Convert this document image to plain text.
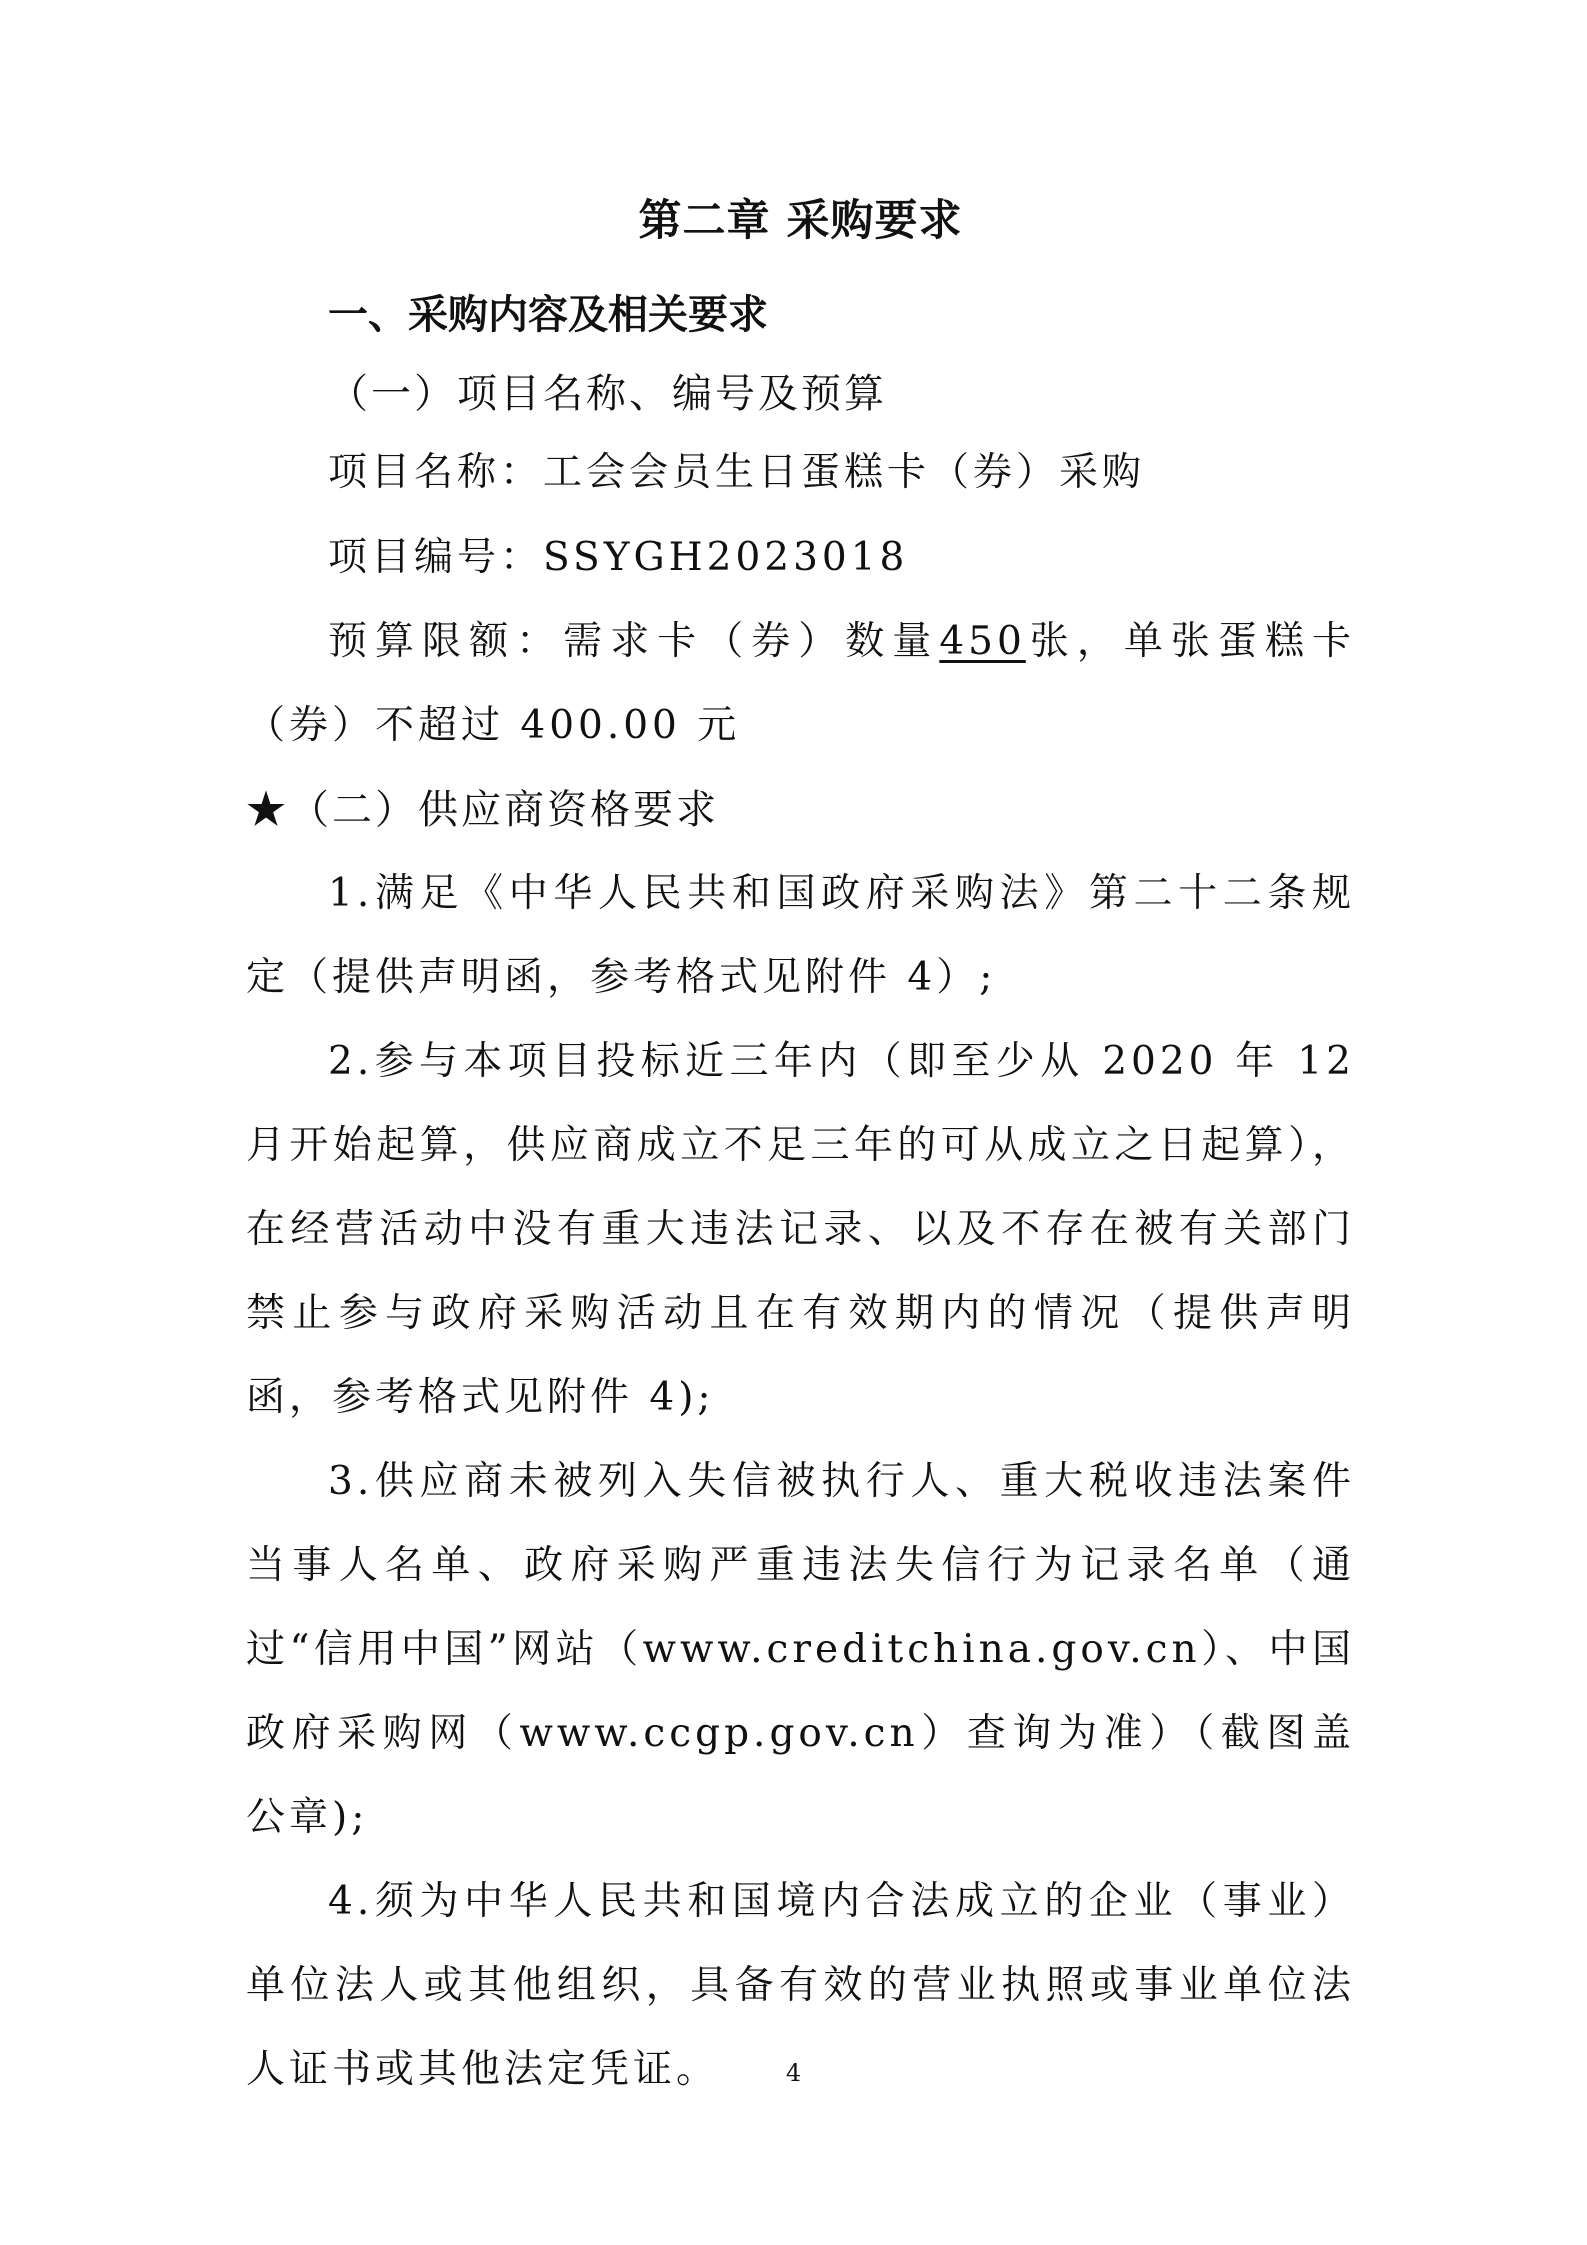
第二章 采购要求
一、采购内容及相关要求
（一）项目名称、编号及预算

项目名称：工会会员生日蛋糕卡（券）采购

项目编号：SSYGH2023018

预算限额：需求卡（券）数量450张，单张蛋糕卡（券）不超过 400.00 元

★（二）供应商资格要求

1.满足《中华人民共和国政府采购法》第二十二条规定（提供声明函，参考格式见附件 4）;

2.参与本项目投标近三年内（即至少从 2020 年 12 月开始起算，供应商成立不足三年的可从成立之日起算），在经营活动中没有重大违法记录、以及不存在被有关部门禁止参与政府采购活动且在有效期内的情况（提供声明函，参考格式见附件 4);

3.供应商未被列入失信被执行人、重大税收违法案件当事人名单、政府采购严重违法失信行为记录名单（通过“信用中国”网站（www.creditchina.gov.cn）、中国政府采购网（www.ccgp.gov.cn）查询为准）（截图盖公章);

4.须为中华人民共和国境内合法成立的企业（事业）单位法人或其他组织，具备有效的营业执照或事业单位法人证书或其他法定凭证。	4
